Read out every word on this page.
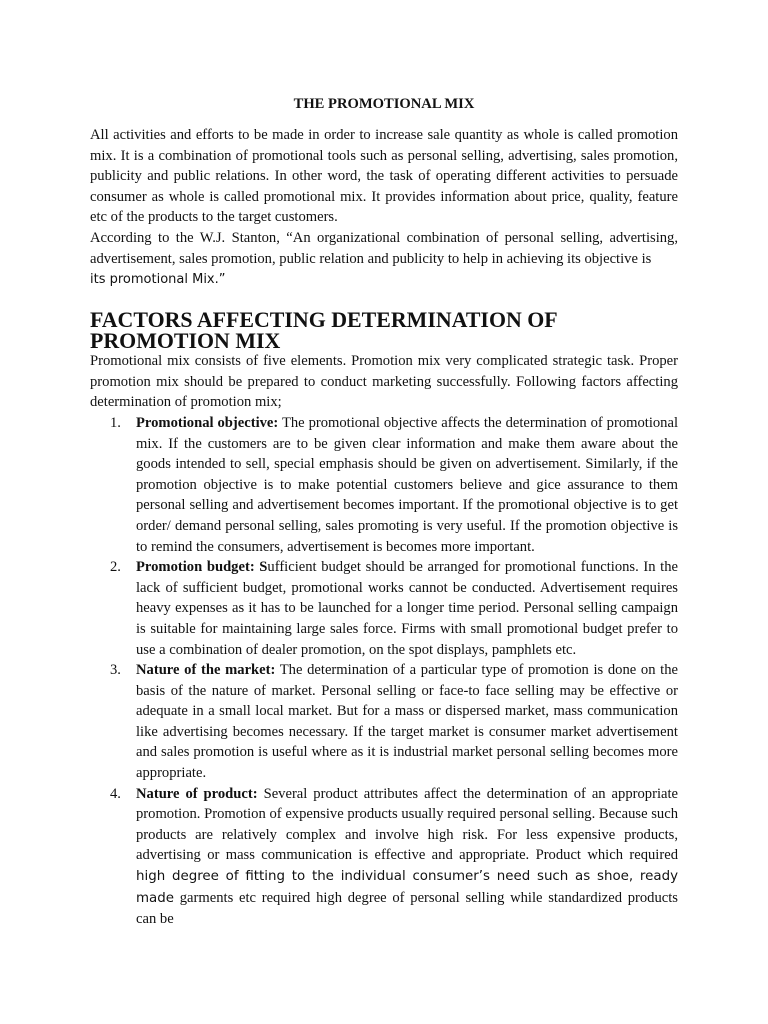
THE PROMOTIONAL MIX

All activities and efforts to be made in order to increase sale quantity as whole is called promotion mix. It is a combination of promotional tools such as personal selling, advertising, sales promotion, publicity and public relations. In other word, the task of operating different activities to persuade consumer as whole is called promotional mix. It provides information about price, quality, feature etc of the products to the target customers.

According to the W.J. Stanton, “An organizational combination of personal selling, advertising, advertisement, sales promotion, public relation and publicity to help in achieving its objective is
its promotional Mix.”

FACTORS AFFECTING DETERMINATION OF PROMOTION MIX

Promotional mix consists of five elements. Promotion mix very complicated strategic task. Proper promotion mix should be prepared to conduct marketing successfully. Following factors affecting determination of promotion mix;

1. Promotional objective: The promotional objective affects the determination of promotional mix. If the customers are to be given clear information and make them aware about the goods intended to sell, special emphasis should be given on advertisement. Similarly, if the promotion objective is to make potential customers believe and gice assurance to them personal selling and advertisement becomes important. If the promotional objective is to get order/ demand personal selling, sales promoting is very useful. If the promotion objective is to remind the consumers, advertisement is becomes more important.

2. Promotion budget: Sufficient budget should be arranged for promotional functions. In the lack of sufficient budget, promotional works cannot be conducted. Advertisement requires heavy expenses as it has to be launched for a longer time period. Personal selling campaign is suitable for maintaining large sales force. Firms with small promotional budget prefer to use a combination of dealer promotion, on the spot displays, pamphlets etc.

3. Nature of the market: The determination of a particular type of promotion is done on the basis of the nature of market. Personal selling or face-to face selling may be effective or adequate in a small local market. But for a mass or dispersed market, mass communication like advertising becomes necessary. If the target market is consumer market advertisement and sales promotion is useful where as it is industrial market personal selling becomes more appropriate.

4. Nature of product: Several product attributes affect the determination of an appropriate promotion. Promotion of expensive products usually required personal selling. Because such products are relatively complex and involve high risk. For less expensive products, advertising or mass communication is effective and appropriate. Product which required high degree of fitting to the individual consumer’s need such as shoe, ready made garments etc required high degree of personal selling while standardized products can be
